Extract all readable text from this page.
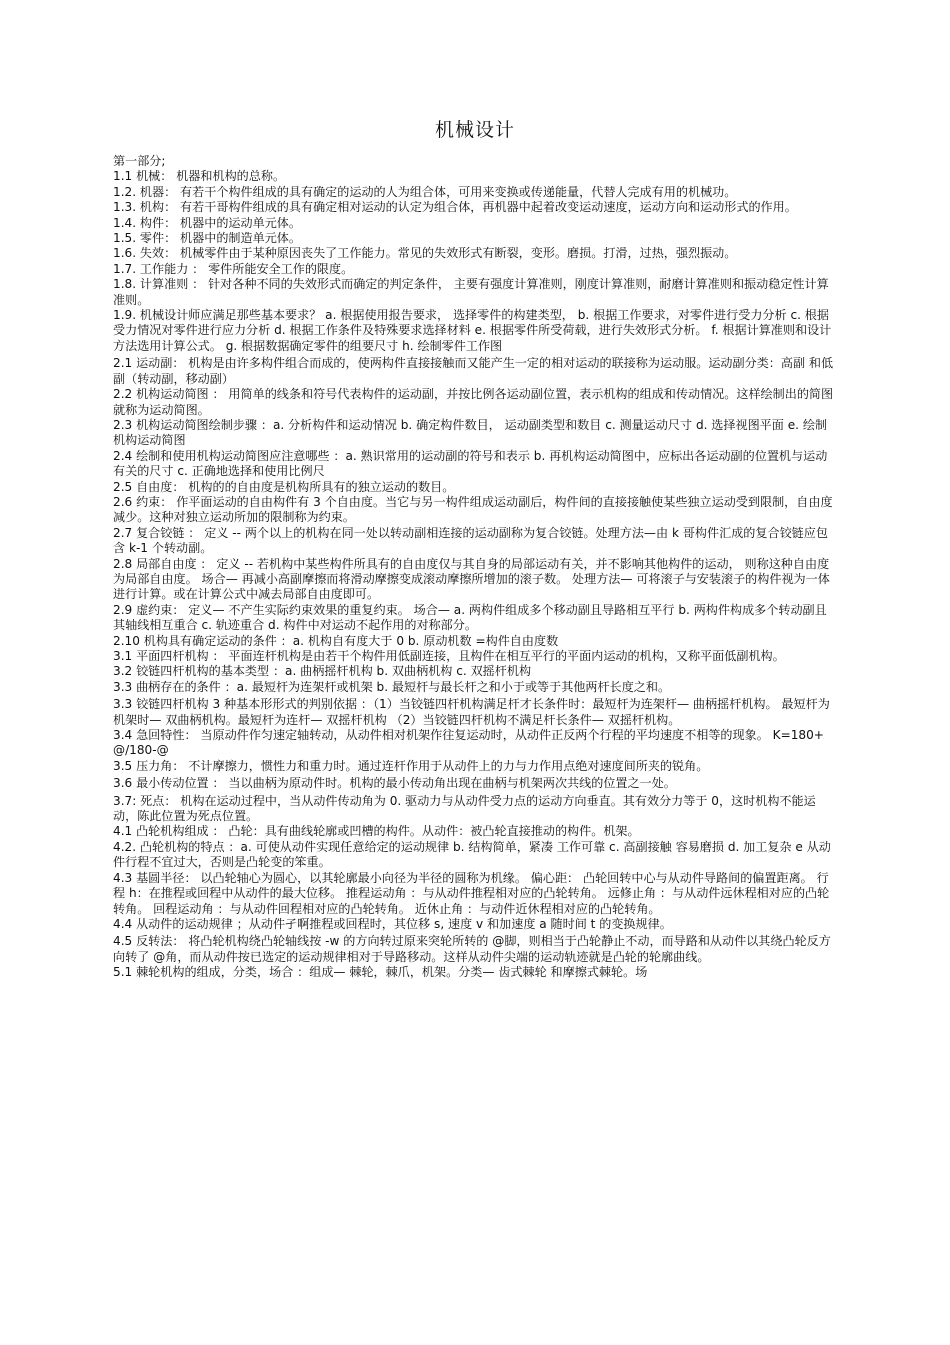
机械设计

第一部分;

1.1 机械： 机器和机构的总称。

1.2. 机器： 有若干个构件组成的具有确定的运动的人为组合体，可用来变换或传递能量，代替人完成有用的机械功。

1.3. 机构： 有若干哥构件组成的具有确定相对运动的认定为组合体，再机器中起着改变运动速度，运动方向和运动形式的作用。

1.4. 构件： 机器中的运动单元体。

1.5. 零件： 机器中的制造单元体。

1.6. 失效： 机械零件由于某种原因丧失了工作能力。常见的失效形式有断裂，变形。磨损。打滑，过热，强烈振动。

1.7. 工作能力 ： 零件所能安全工作的限度。

1.8. 计算准则 ： 针对各种不同的失效形式而确定的判定条件， 主要有强度计算准则，刚度计算准则，耐磨计算准则和振动稳定性计算准则。

1.9. 机械设计师应满足那些基本要求？ a. 根据使用报告要求， 选择零件的构建类型， b. 根据工作要求，对零件进行受力分析 c. 根据受力情况对零件进行应力分析 d. 根据工作条件及特殊要求选择材料 e. 根据零件所受荷载，进行失效形式分析。 f. 根据计算准则和设计方法选用计算公式。 g. 根据数据确定零件的组要尺寸 h. 绘制零件工作图

2.1 运动副： 机构是由许多构件组合而成的，使两构件直接接触而又能产生一定的相对运动的联接称为运动服。运动副分类：高副 和低副（转动副，移动副）

2.2 机构运动简图 ： 用简单的线条和符号代表构件的运动副，并按比例各运动副位置，表示机构的组成和传动情况。这样绘制出的简图就称为运动简图。

2.3 机构运动简图绘制步骤 ：a. 分析构件和运动情况 b. 确定构件数目， 运动副类型和数目 c. 测量运动尺寸 d. 选择视图平面 e. 绘制机构运动简图

2.4 绘制和使用机构运动简图应注意哪些 ：a. 熟识常用的运动副的符号和表示 b. 再机构运动简图中，应标出各运动副的位置机与运动有关的尺寸 c. 正确地选择和使用比例尺

2.5 自由度： 机构的的自由度是机构所具有的独立运动的数目。

2.6 约束： 作平面运动的自由构件有 3 个自由度。当它与另一构件组成运动副后，构件间的直接接触使某些独立运动受到限制，自由度减少。这种对独立运动所加的限制称为约束。

2.7 复合铰链 ： 定义 -- 两个以上的机构在同一处以转动副相连接的运动副称为复合铰链。处理方法—由 k 哥构件汇成的复合铰链应包含 k-1 个转动副。

2.8 局部自由度 ： 定义 -- 若机构中某些构件所具有的自由度仅与其自身的局部运动有关，并不影响其他构件的运动， 则称这种自由度为局部自由度。 场合— 再减小高副摩擦而将滑动摩擦变成滚动摩擦所增加的滚子数。 处理方法— 可将滚子与安装滚子的构件视为一体进行计算。或在计算公式中减去局部自由度即可。

2.9 虚约束： 定义— 不产生实际约束效果的重复约束。 场合— a. 两构件组成多个移动副且导路相互平行 b. 两构件构成多个转动副且其轴线相互重合 c. 轨迹重合 d. 构件中对运动不起作用的对称部分。

2.10 机构具有确定运动的条件 ：a. 机构自有度大于 0 b. 原动机数 =构件自由度数

3.1 平面四杆机构 ： 平面连杆机构是由若干个构件用低副连接，且构件在相互平行的平面内运动的机构，又称平面低副机构。

3.2 铰链四杆机构的基本类型 ：a. 曲柄摇杆机构 b. 双曲柄机构 c. 双摇杆机构

3.3 曲柄存在的条件 ：a. 最短杆为连架杆或机架 b. 最短杆与最长杆之和小于或等于其他两杆长度之和。

3.3 铰链四杆机构 3 种基本形形式的判别依据 ：（1）当铰链四杆机构满足杆才长条件时：最短杆为连架杆— 曲柄摇杆机构。 最短杆为机架时— 双曲柄机构。最短杆为连杆— 双摇杆机构 （2）当铰链四杆机构不满足杆长条件— 双摇杆机构。

3.4 急回特性： 当原动件作匀速定轴转动，从动件相对机架作往复运动时，从动件正反两个行程的平均速度不相等的现象。 K=180+@/180-@

3.5 压力角： 不计摩擦力，惯性力和重力时。通过连杆作用于从动件上的力与力作用点绝对速度间所夹的锐角。

3.6 最小传动位置 ： 当以曲柄为原动件时。机构的最小传动角出现在曲柄与机架两次共线的位置之一处。

3.7: 死点： 机构在运动过程中，当从动件传动角为 0. 驱动力与从动件受力点的运动方向垂直。其有效分力等于 0，这时机构不能运动，陈此位置为死点位置。

4.1 凸轮机构组成 ： 凸轮：具有曲线轮廓或凹槽的构件。从动件：被凸轮直接推动的构件。机架。

4.2. 凸轮机构的特点 ：a. 可使从动件实现任意给定的运动规律 b. 结构简单，紧凑 工作可靠 c. 高副接触 容易磨损 d. 加工复杂 e 从动件行程不宜过大，否则是凸轮变的笨重。

4.3 基圆半径： 以凸轮轴心为圆心，以其轮廓最小向径为半径的圆称为机缘。 偏心距： 凸轮回转中心与从动件导路间的偏置距离。 行程 h：在推程或回程中从动件的最大位移。 推程运动角 ：与从动件推程相对应的凸轮转角。 远修止角 ：与从动件远休程相对应的凸轮转角。 回程运动角 ：与从动件回程相对应的凸轮转角。 近休止角 ：与动件近休程相对应的凸轮转角。

4.4 从动件的运动规律 ；从动件孑啊推程或回程时，其位移 s, 速度 v 和加速度 a 随时间 t 的变换规律。

4.5 反转法： 将凸轮机构绕凸轮轴线按 -w 的方向转过原来突轮所转的 @脚，则相当于凸轮静止不动，而导路和从动件以其绕凸轮反方向转了 @角，而从动件按已选定的运动规律相对于导路移动。这样从动件尖端的运动轨迹就是凸轮的轮廓曲线。

5.1 棘轮机构的组成，分类，场合 ：组成— 棘轮，棘爪，机架。分类— 齿式棘轮 和摩擦式棘轮。场
